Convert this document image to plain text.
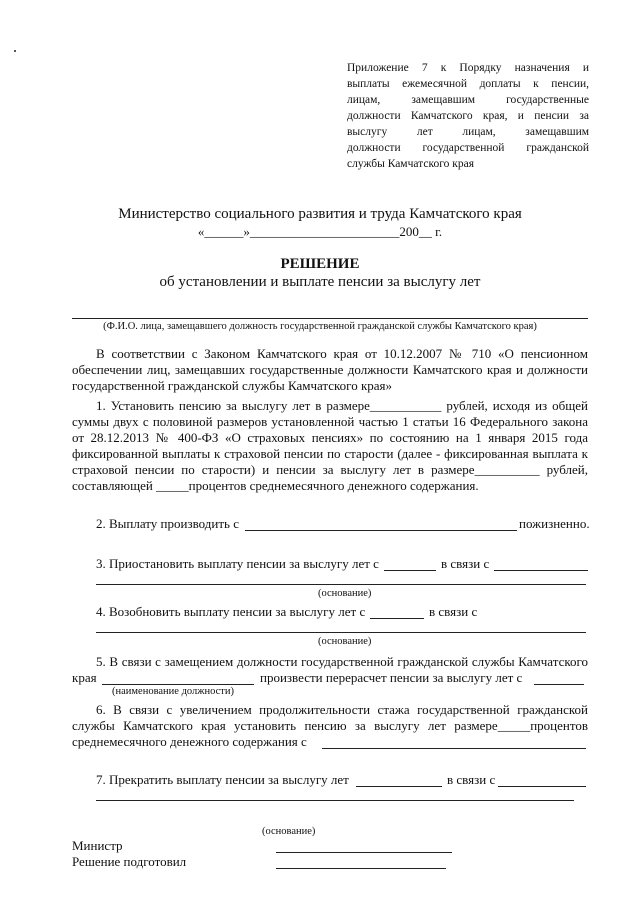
Приложение 7 к Порядку назначения и
выплаты ежемесячной доплаты к пенсии,
лицам, замещавшим государственные
должности Камчатского края, и пенсии за
выслугу лет лицам, замещавшим
должности государственной гражданской
службы Камчатского края
Министерство социального развития и труда Камчатского края
«______»_______________________200__ г.
РЕШЕНИЕ
об установлении и выплате пенсии за выслугу лет
(Ф.И.О. лица, замещавшего должность государственной гражданской службы Камчатского края)
В соответствии с Законом Камчатского края от 10.12.2007 № 710 «О пенсионном
обеспечении лиц, замещавших государственные должности Камчатского края и должности
государственной гражданской службы Камчатского края»
1. Установить пенсию за выслугу лет в размере___________ рублей, исходя из общей
суммы двух с половиной размеров установленной частью 1 статьи 16 Федерального закона
от 28.12.2013 № 400-ФЗ «О страховых пенсиях» по состоянию на 1 января 2015 года
фиксированной выплаты к страховой пенсии по старости (далее - фиксированная выплата к
страховой пенсии по старости) и пенсии за выслугу лет в размере__________ рублей,
составляющей _____процентов среднемесячного денежного содержания.
2. Выплату производить с	пожизненно.
3. Приостановить выплату пенсии за выслугу лет с	в связи с
(основание)
4. Возобновить выплату пенсии за выслугу лет с	в связи с
(основание)
5. В связи с замещением должности государственной гражданской службы Камчатского
края	произвести перерасчет пенсии за выслугу лет с
(наименование должности)
6. В связи с увеличением продолжительности стажа государственной гражданской
службы Камчатского края установить пенсию за выслугу лет размере_____процентов
среднемесячного денежного содержания с
7. Прекратить выплату пенсии за выслугу лет	в связи с
(основание)
Министр
Решение подготовил
